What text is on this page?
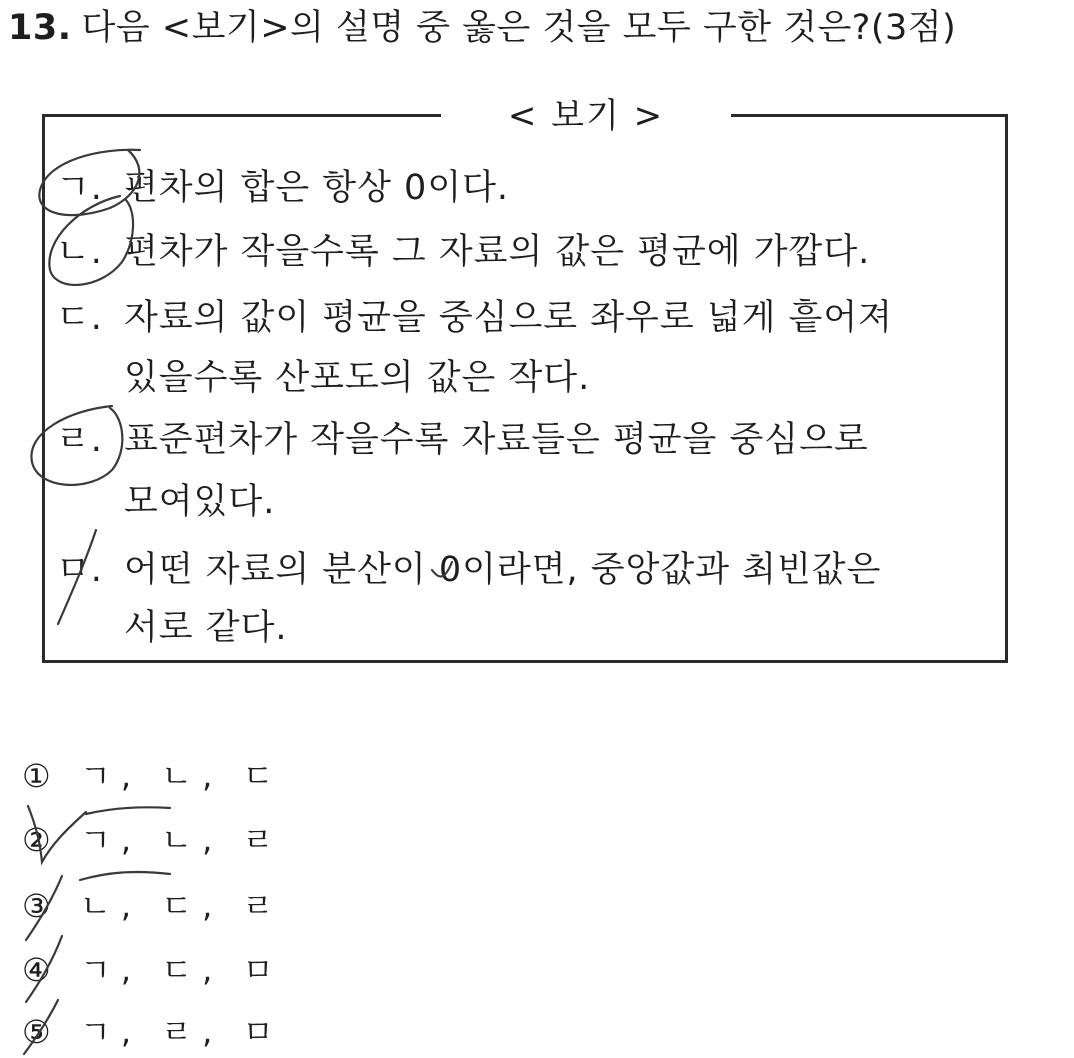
13. 다음 <보기>의 설명 중 옳은 것을 모두 구한 것은?(3점)
< 보기 >
ㄱ. 편차의 합은 항상 0이다.
ㄴ. 편차가 작을수록 그 자료의 값은 평균에 가깝다.
ㄷ. 자료의 값이 평균을 중심으로 좌우로 넓게 흩어져
있을수록 산포도의 값은 작다.
ㄹ. 표준편차가 작을수록 자료들은 평균을 중심으로
모여있다.
ㅁ. 어떤 자료의 분산이 0이라면, 중앙값과 최빈값은
서로 같다.
① ㄱ, ㄴ, ㄷ
② ㄱ, ㄴ, ㄹ
③ ㄴ, ㄷ, ㄹ
④ ㄱ, ㄷ, ㅁ
⑤ ㄱ, ㄹ, ㅁ
